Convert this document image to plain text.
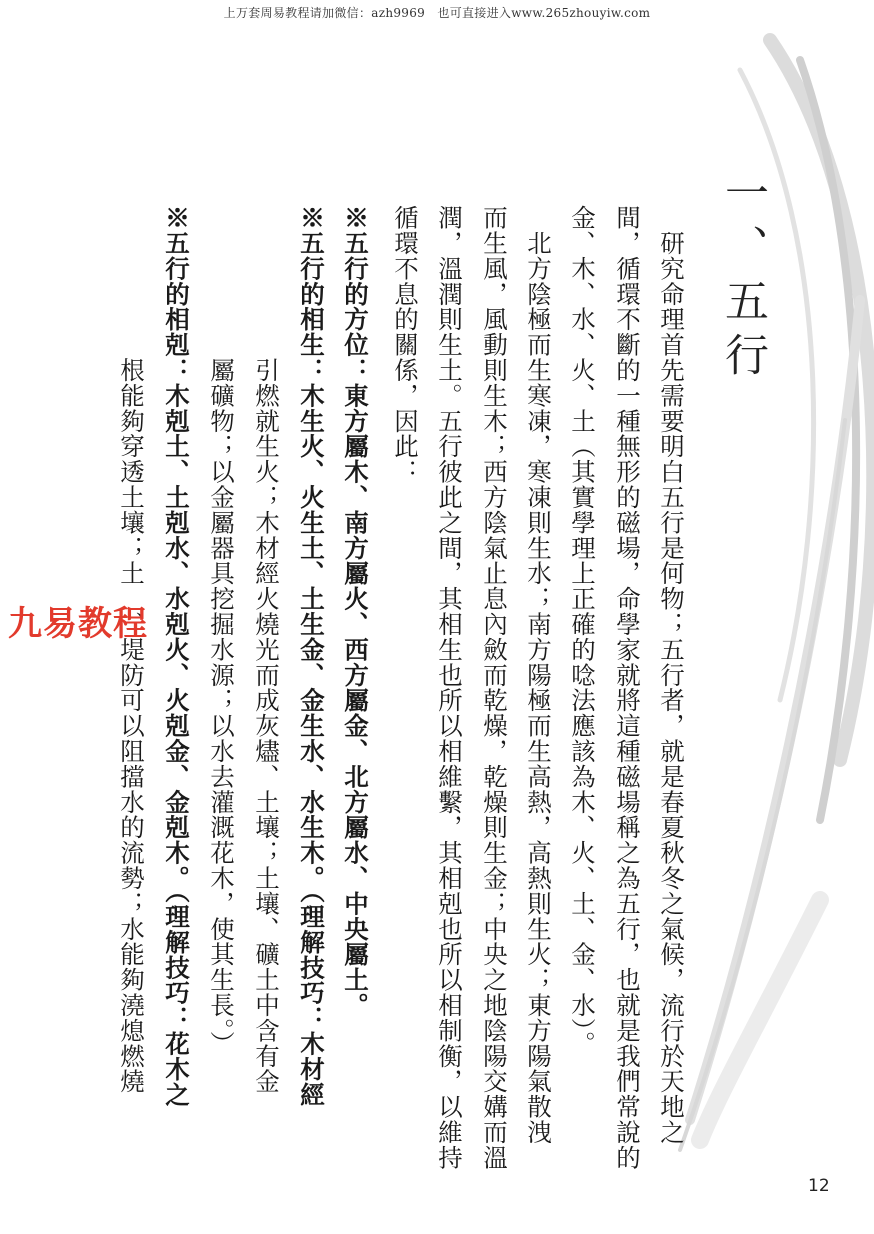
上万套周易教程请加微信：azh9969　也可直接进入www.265zhouyiw.com
一、五行
　研究命理首先需要明白五行是何物；五行者，就是春夏秋冬之氣候，流行於天地之
間，循環不斷的一種無形的磁場，命學家就將這種磁場稱之為五行，也就是我們常說的
金、木、水、火、土（其實學理上正確的唸法應該為木、火、土、金、水）。
　北方陰極而生寒凍，寒凍則生水；南方陽極而生高熱，高熱則生火；東方陽氣散洩
而生風，風動則生木；西方陰氣止息內斂而乾燥，乾燥則生金；中央之地陰陽交媾而溫
潤，溫潤則生土。五行彼此之間，其相生也所以相維繫，其相剋也所以相制衡，以維持
循環不息的關係，因此：
※五行的方位：東方屬木、南方屬火、西方屬金、北方屬水、中央屬土。
※五行的相生：木生火、火生土、土生金、金生水、水生木。（理解技巧：木材經
　　　　　　引燃就生火；木材經火燒光而成灰燼、土壤；土壤、礦土中含有金
　　　　　　屬礦物；以金屬器具挖掘水源；以水去灌溉花木，使其生長。）
※五行的相剋：木剋土、土剋水、水剋火、火剋金、金剋木。（理解技巧：花木之
　　　　　　根能夠穿透土壤；土　、堤防可以阻擋水的流勢；水能夠澆熄燃燒
九易教程
12
